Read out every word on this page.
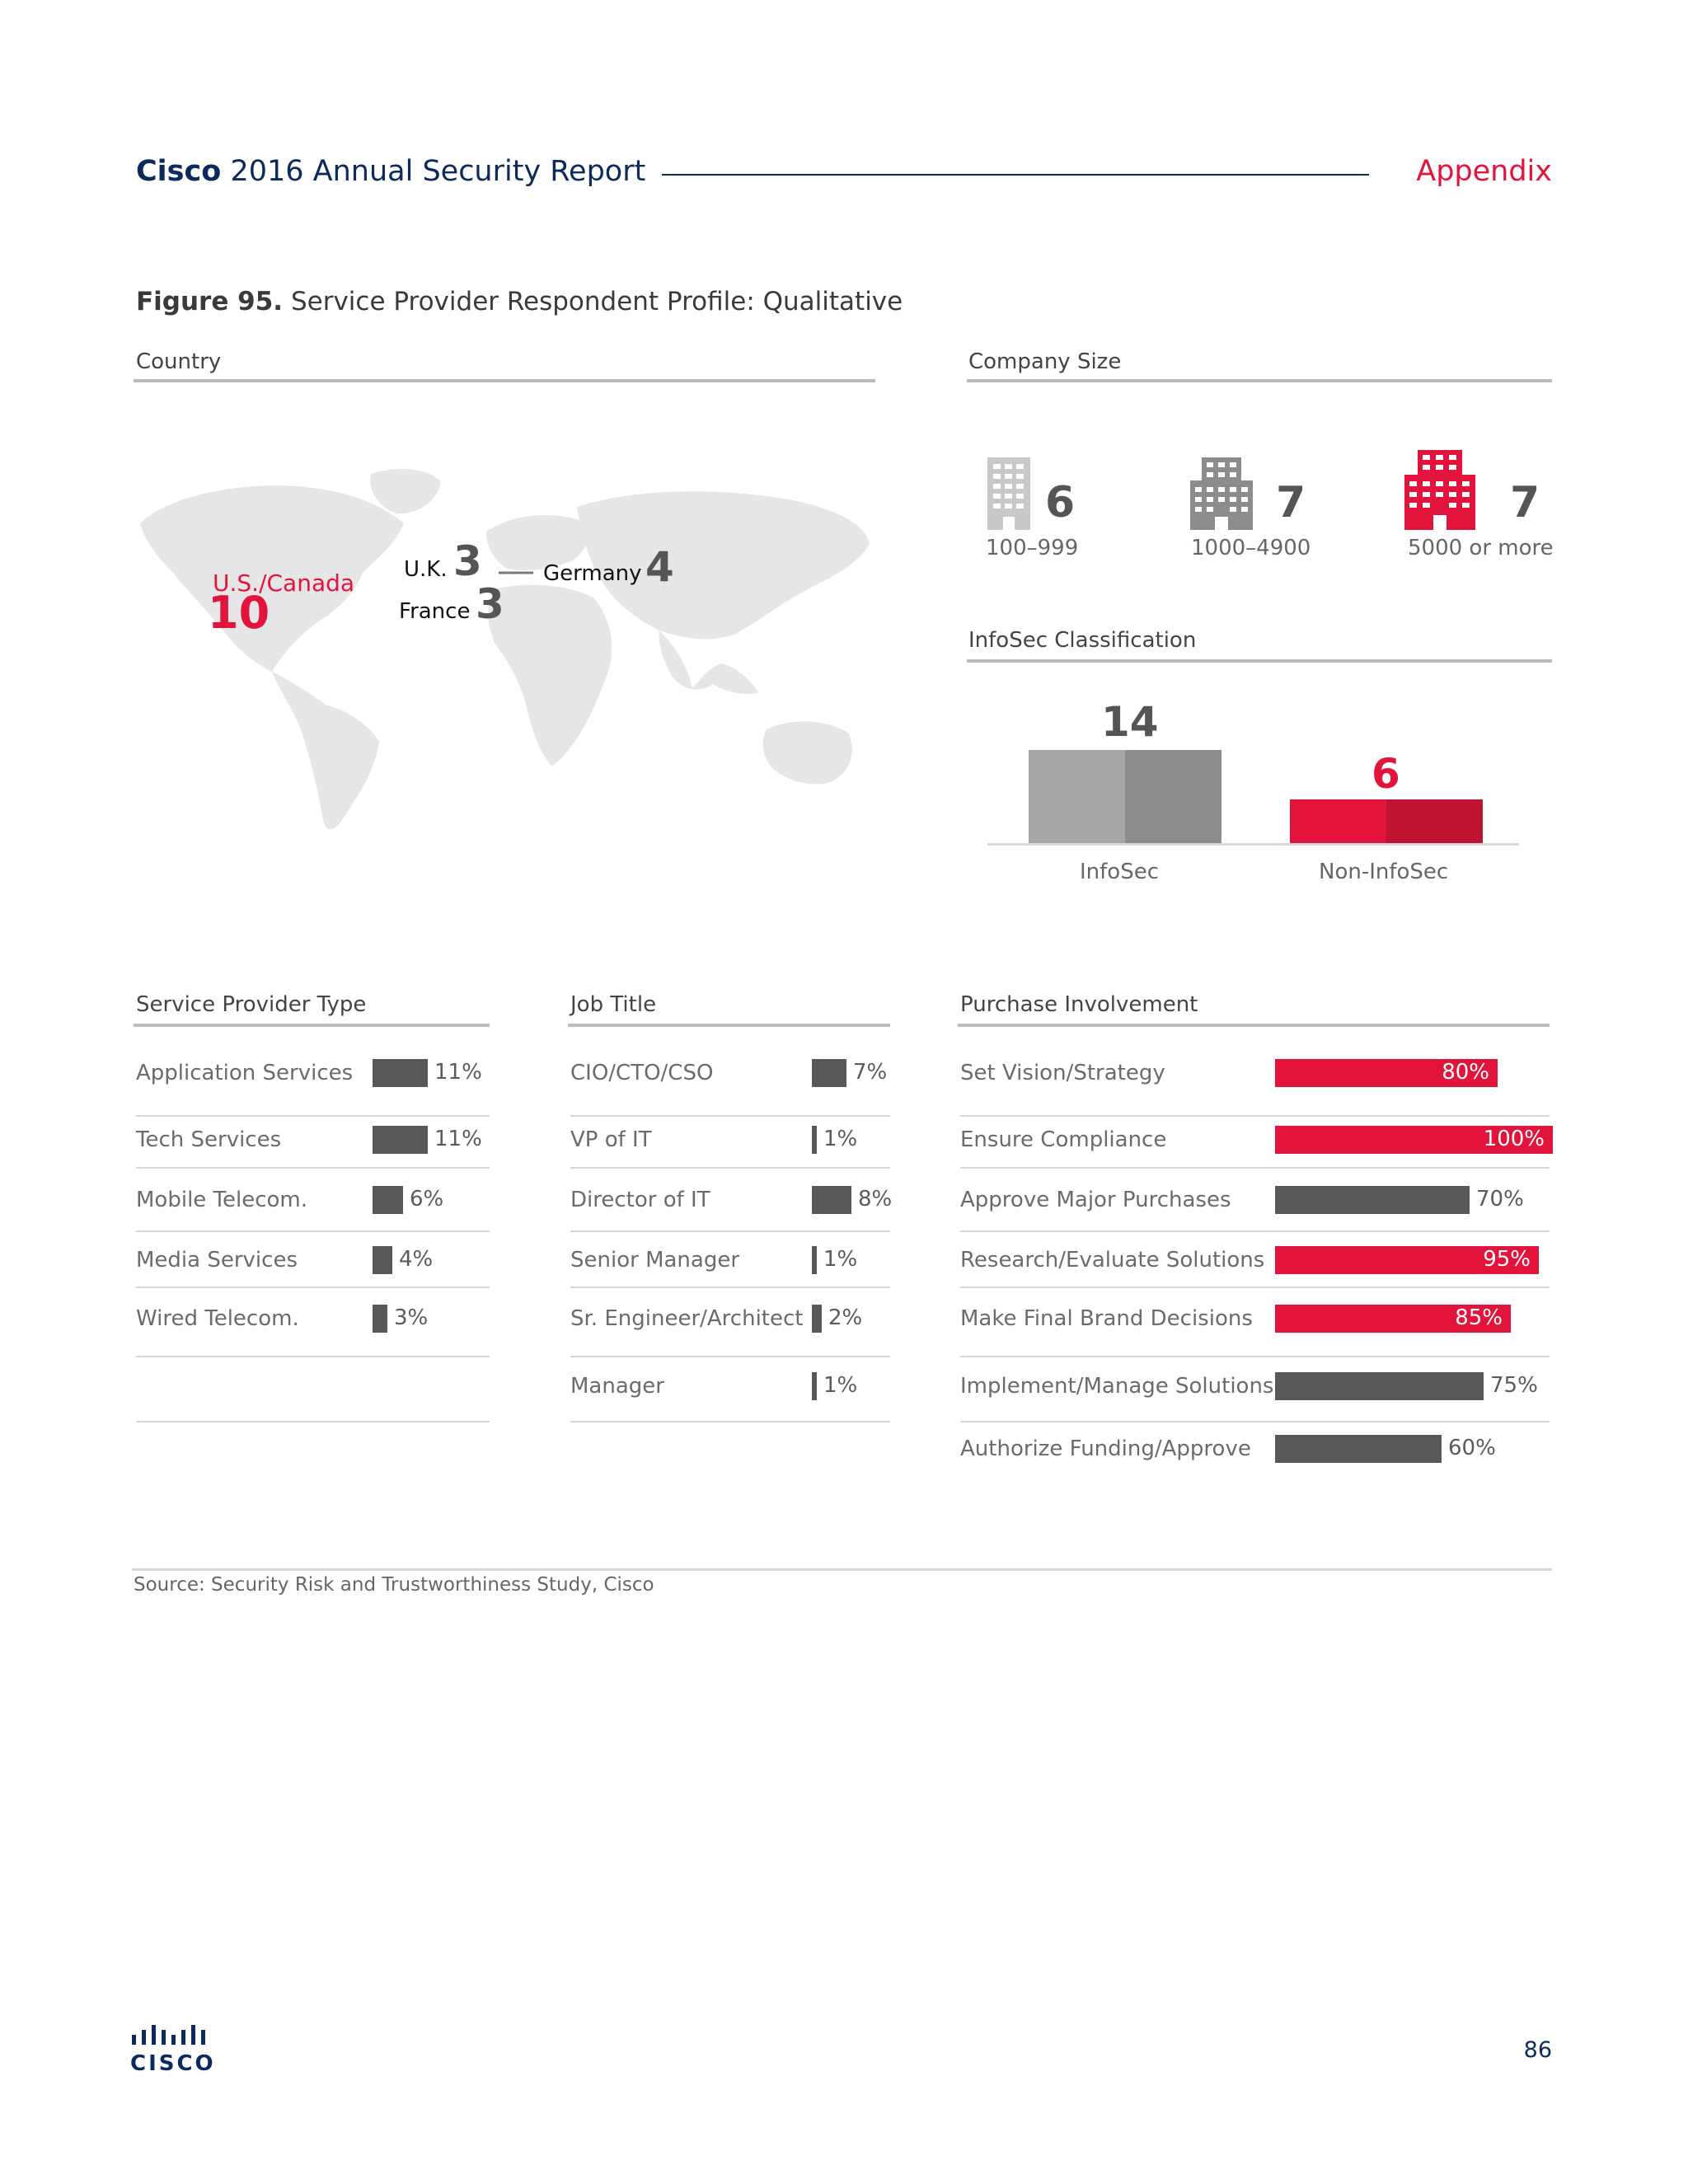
Cisco 2016 Annual Security Report	Appendix
Figure 95. Service Provider Respondent Profile: Qualitative
Country
U.S./Canada
10
U.K. 3
France 3
Germany 4
Company Size
6
100–999
7
1000–4900
7
5000 or more
InfoSec Classification
14
6
InfoSec	Non-InfoSec
Service Provider Type
Application Services	11%
Tech Services	11%
Mobile Telecom.	6%
Media Services	4%
Wired Telecom.	3%
Job Title
CIO/CTO/CSO	7%
VP of IT	1%
Director of IT	8%
Senior Manager	1%
Sr. Engineer/Architect 2%
Manager	1%
Purchase Involvement
Set Vision/Strategy	80%
Ensure Compliance	100%
Approve Major Purchases	70%
Research/Evaluate Solutions	95%
Make Final Brand Decisions	85%
Implement/Manage Solutions	75%
Authorize Funding/Approve	60%
Source: Security Risk and Trustworthiness Study, Cisco
CISCO
86
